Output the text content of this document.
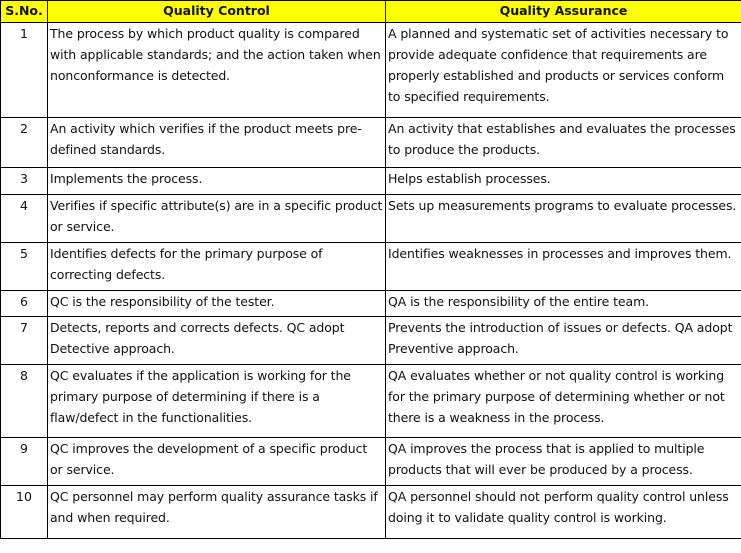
S.No.	Quality Control	Quality Assurance
1	The process by which product quality is compared with applicable standards; and the action taken when nonconformance is detected.	A planned and systematic set of activities necessary to provide adequate confidence that requirements are properly established and products or services conform to specified requirements.
2	An activity which verifies if the product meets pre-defined standards.	An activity that establishes and evaluates the processes to produce the products.
3	Implements the process.	Helps establish processes.
4	Verifies if specific attribute(s) are in a specific product or service.	Sets up measurements programs to evaluate processes.
5	Identifies defects for the primary purpose of correcting defects.	Identifies weaknesses in processes and improves them.
6	QC is the responsibility of the tester.	QA is the responsibility of the entire team.
7	Detects, reports and corrects defects. QC adopt Detective approach.	Prevents the introduction of issues or defects. QA adopt Preventive approach.
8	QC evaluates if the application is working for the primary purpose of determining if there is a flaw/defect in the functionalities.	QA evaluates whether or not quality control is working for the primary purpose of determining whether or not there is a weakness in the process.
9	QC improves the development of a specific product or service.	QA improves the process that is applied to multiple products that will ever be produced by a process.
10	QC personnel may perform quality assurance tasks if and when required.	QA personnel should not perform quality control unless doing it to validate quality control is working.
